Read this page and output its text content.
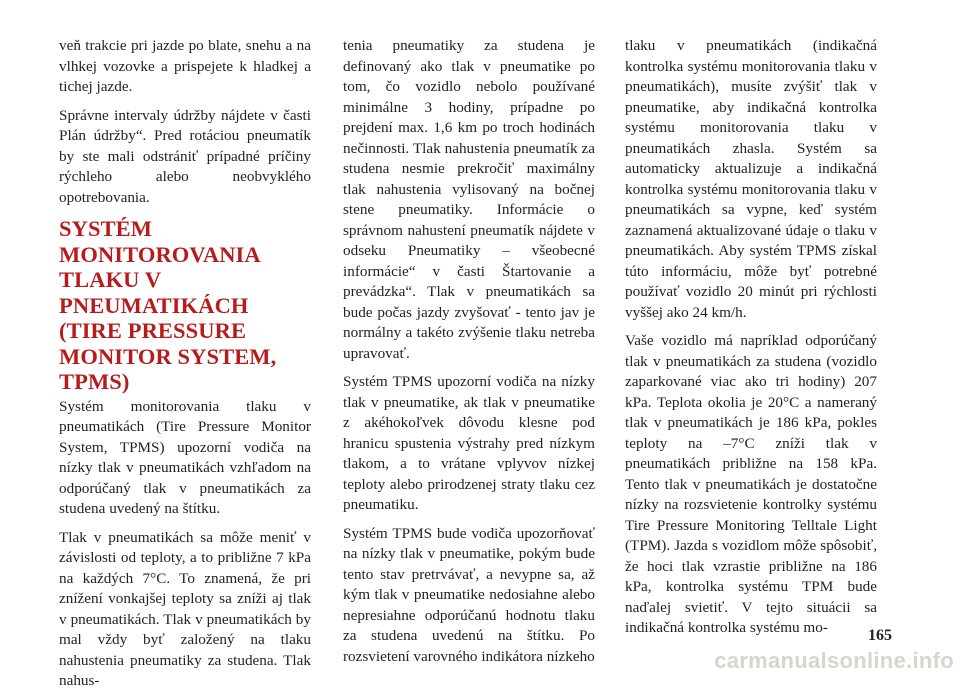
veň trakcie pri jazde po blate, snehu a na vlhkej vozovke a prispejete k hladkej a tichej jazde.

Správne intervaly údržby nájdete v časti Plán údržby“. Pred rotáciou pneumatík by ste mali odstrániť prípadné príčiny rýchleho alebo neobvyklého opotrebovania.

SYSTÉM MONITOROVANIA TLAKU V PNEUMATIKÁCH (TIRE PRESSURE MONITOR SYSTEM, TPMS)

Systém monitorovania tlaku v pneumatikách (Tire Pressure Monitor System, TPMS) upozorní vodiča na nízky tlak v pneumatikách vzhľadom na odporúčaný tlak v pneumatikách za studena uvedený na štítku.

Tlak v pneumatikách sa môže meniť v závislosti od teploty, a to približne 7 kPa na každých 7°C. To znamená, že pri znížení vonkajšej teploty sa zníži aj tlak v pneumatikách. Tlak v pneumatikách by mal vždy byť založený na tlaku nahustenia pneumatiky za studena. Tlak nahus-

tenia pneumatiky za studena je definovaný ako tlak v pneumatike po tom, čo vozidlo nebolo používané minimálne 3 hodiny, prípadne po prejdení max. 1,6 km po troch hodinách nečinnosti. Tlak nahustenia pneumatík za studena nesmie prekročiť maximálny tlak nahustenia vylisovaný na bočnej stene pneumatiky. Informácie o správnom nahustení pneumatík nájdete v odseku Pneumatiky – všeobecné informácie“ v časti Štartovanie a prevádzka“. Tlak v pneumatikách sa bude počas jazdy zvyšovať - tento jav je normálny a takéto zvýšenie tlaku netreba upravovať.

Systém TPMS upozorní vodiča na nízky tlak v pneumatike, ak tlak v pneumatike z akéhokoľvek dôvodu klesne pod hranicu spustenia výstrahy pred nízkym tlakom, a to vrátane vplyvov nízkej teploty alebo prirodzenej straty tlaku cez pneumatiku.

Systém TPMS bude vodiča upozorňovať na nízky tlak v pneumatike, pokým bude tento stav pretrvávať, a nevypne sa, až kým tlak v pneumatike nedosiahne alebo nepresiahne odporúčanú hodnotu tlaku za studena uvedenú na štítku. Po rozsvietení varovného indikátora nízkeho

tlaku v pneumatikách (indikačná kontrolka systému monitorovania tlaku v pneumatikách), musíte zvýšiť tlak v pneumatike, aby indikačná kontrolka systému monitorovania tlaku v pneumatikách zhasla. Systém sa automaticky aktualizuje a indikačná kontrolka systému monitorovania tlaku v pneumatikách sa vypne, keď systém zaznamená aktualizované údaje o tlaku v pneumatikách. Aby systém TPMS získal túto informáciu, môže byť potrebné používať vozidlo 20 minút pri rýchlosti vyššej ako 24 km/h.

Vaše vozidlo má napríklad odporúčaný tlak v pneumatikách za studena (vozidlo zaparkované viac ako tri hodiny) 207 kPa. Teplota okolia je 20°C a nameraný tlak v pneumatikách je 186 kPa, pokles teploty na –7°C zníži tlak v pneumatikách približne na 158 kPa. Tento tlak v pneumatikách je dostatočne nízky na rozsvietenie kontrolky systému Tire Pressure Monitoring Telltale Light (TPM). Jazda s vozidlom môže spôsobiť, že hoci tlak vzrastie približne na 186 kPa, kontrolka systému TPM bude naďalej svietiť. V tejto situácii sa indikačná kontrolka systému mo-	165
carmanualsonline.info
